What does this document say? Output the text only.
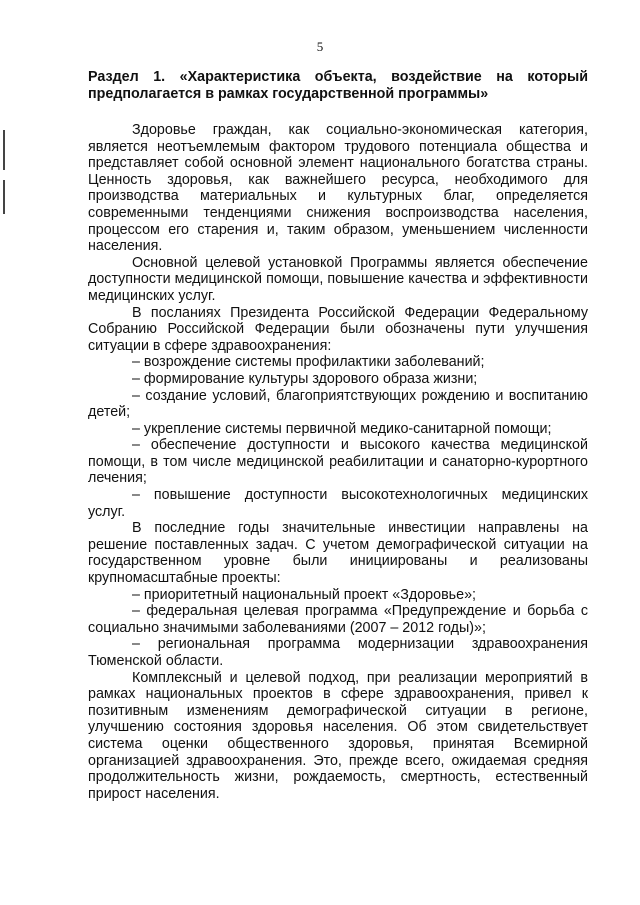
5
Раздел 1. «Характеристика объекта, воздействие на который предполагается в рамках государственной программы»

Здоровье граждан, как социально-экономическая категория, является неотъемлемым фактором трудового потенциала общества и представляет собой основной элемент национального богатства страны. Ценность здоровья, как важнейшего ресурса, необходимого для производства материальных и культурных благ, определяется современными тенденциями снижения воспроизводства населения, процессом его старения и, таким образом, уменьшением численности населения.

Основной целевой установкой Программы является обеспечение доступности медицинской помощи, повышение качества и эффективности медицинских услуг.

В посланиях Президента Российской Федерации Федеральному Собранию Российской Федерации были обозначены пути улучшения ситуации в сфере здравоохранения:

– возрождение системы профилактики заболеваний;

– формирование культуры здорового образа жизни;

– создание условий, благоприятствующих рождению и воспитанию детей;

– укрепление системы первичной медико-санитарной помощи;

– обеспечение доступности и высокого качества медицинской помощи, в том числе медицинской реабилитации и санаторно-курортного лечения;

– повышение доступности высокотехнологичных медицинских услуг.

В последние годы значительные инвестиции направлены на решение поставленных задач. С учетом демографической ситуации на государственном уровне были инициированы и реализованы крупномасштабные проекты:

– приоритетный национальный проект «Здоровье»;

– федеральная целевая программа «Предупреждение и борьба с социально значимыми заболеваниями (2007 – 2012 годы)»;

– региональная программа модернизации здравоохранения Тюменской области.

Комплексный и целевой подход, при реализации мероприятий в рамках национальных проектов в сфере здравоохранения, привел к позитивным изменениям демографической ситуации в регионе, улучшению состояния здоровья населения. Об этом свидетельствует система оценки общественного здоровья, принятая Всемирной организацией здравоохранения. Это, прежде всего, ожидаемая средняя продолжительность жизни, рождаемость, смертность, естественный прирост населения.
